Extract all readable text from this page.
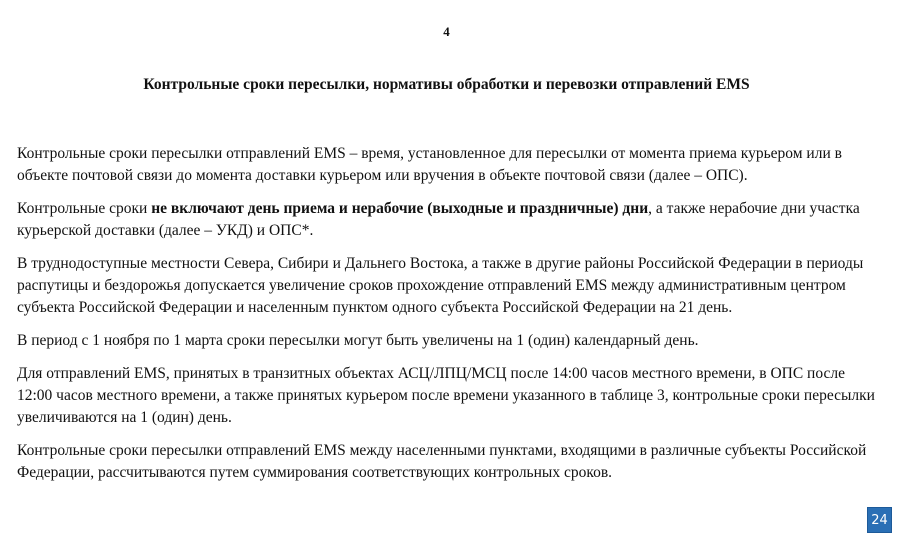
4
Контрольные сроки пересылки, нормативы обработки и перевозки отправлений EMS

Контрольные сроки пересылки отправлений EMS – время, установленное для пересылки от момента приема курьером или в объекте почтовой связи до момента доставки курьером или вручения в объекте почтовой связи (далее – ОПС).

Контрольные сроки не включают день приема и нерабочие (выходные и праздничные) дни, а также нерабочие дни участка курьерской доставки (далее – УКД) и ОПС*.

В труднодоступные местности Севера, Сибири и Дальнего Востока, а также в другие районы Российской Федерации в периоды распутицы и бездорожья допускается увеличение сроков прохождение отправлений EMS между административным центром субъекта Российской Федерации и населенным пунктом одного субъекта Российской Федерации на 21 день.

В период с 1 ноября по 1 марта сроки пересылки могут быть увеличены на 1 (один) календарный день.

Для отправлений EMS, принятых в транзитных объектах АСЦ/ЛПЦ/МСЦ после 14:00 часов местного времени, в ОПС после 12:00 часов местного времени, а также принятых курьером после времени указанного в таблице 3, контрольные сроки пересылки увеличиваются на 1 (один) день.

Контрольные сроки пересылки отправлений EMS между населенными пунктами, входящими в различные субъекты Российской Федерации, рассчитываются путем суммирования соответствующих контрольных сроков.

24
